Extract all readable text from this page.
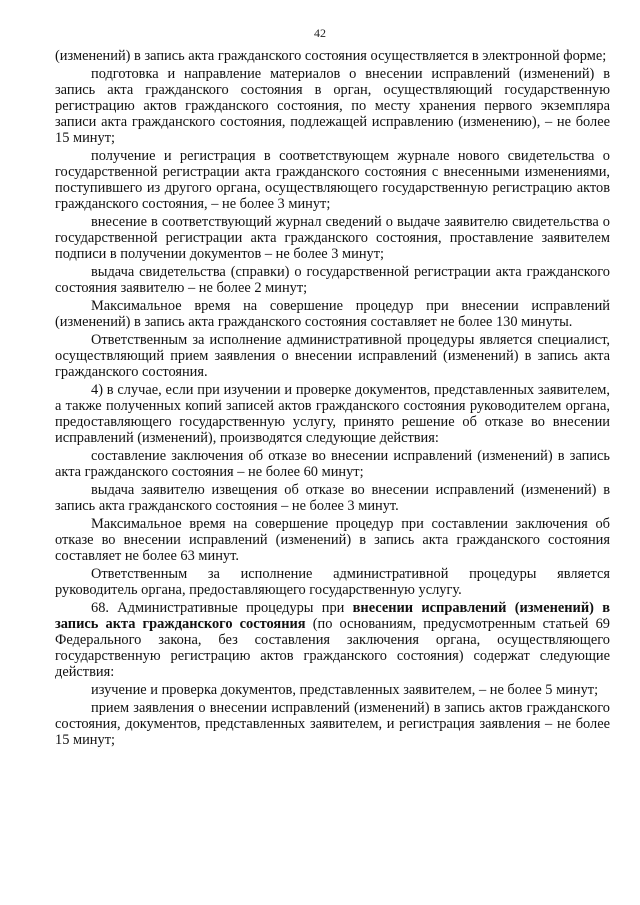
42

(изменений) в запись акта гражданского состояния осуществляется в электронной форме;

подготовка и направление материалов о внесении исправлений (изменений) в запись акта гражданского состояния в орган, осуществляющий государственную регистрацию актов гражданского состояния, по месту хранения первого экземпляра записи акта гражданского состояния, подлежащей исправлению (изменению), – не более 15 минут;

получение и регистрация в соответствующем журнале нового свидетельства о государственной регистрации акта гражданского состояния с внесенными изменениями, поступившего из другого органа, осуществляющего государственную регистрацию актов гражданского состояния, – не более 3 минут;

внесение в соответствующий журнал сведений о выдаче заявителю свидетельства о государственной регистрации акта гражданского состояния, проставление заявителем подписи в получении документов – не более 3 минут;

выдача свидетельства (справки) о государственной регистрации акта гражданского состояния заявителю – не более 2 минут;

Максимальное время на совершение процедур при внесении исправлений (изменений) в запись акта гражданского состояния составляет не более 130 минуты.

Ответственным за исполнение административной процедуры является специалист, осуществляющий прием заявления о внесении исправлений (изменений) в запись акта гражданского состояния.

4) в случае, если при изучении и проверке документов, представленных заявителем, а также полученных копий записей актов гражданского состояния руководителем органа, предоставляющего государственную услугу, принято решение об отказе во внесении исправлений (изменений), производятся следующие действия:

составление заключения об отказе во внесении исправлений (изменений) в запись акта гражданского состояния – не более 60 минут;

выдача заявителю извещения об отказе во внесении исправлений (изменений) в запись акта гражданского состояния – не более 3 минут.

Максимальное время на совершение процедур при составлении заключения об отказе во внесении исправлений (изменений) в запись акта гражданского состояния составляет не более 63 минут.

Ответственным за исполнение административной процедуры является руководитель органа, предоставляющего государственную услугу.

68. Административные процедуры при внесении исправлений (изменений) в запись акта гражданского состояния (по основаниям, предусмотренным статьей 69 Федерального закона, без составления заключения органа, осуществляющего государственную регистрацию актов гражданского состояния) содержат следующие действия:

изучение и проверка документов, представленных заявителем, – не более 5 минут;

прием заявления о внесении исправлений (изменений) в запись актов гражданского состояния, документов, представленных заявителем, и регистрация заявления – не более 15 минут;
